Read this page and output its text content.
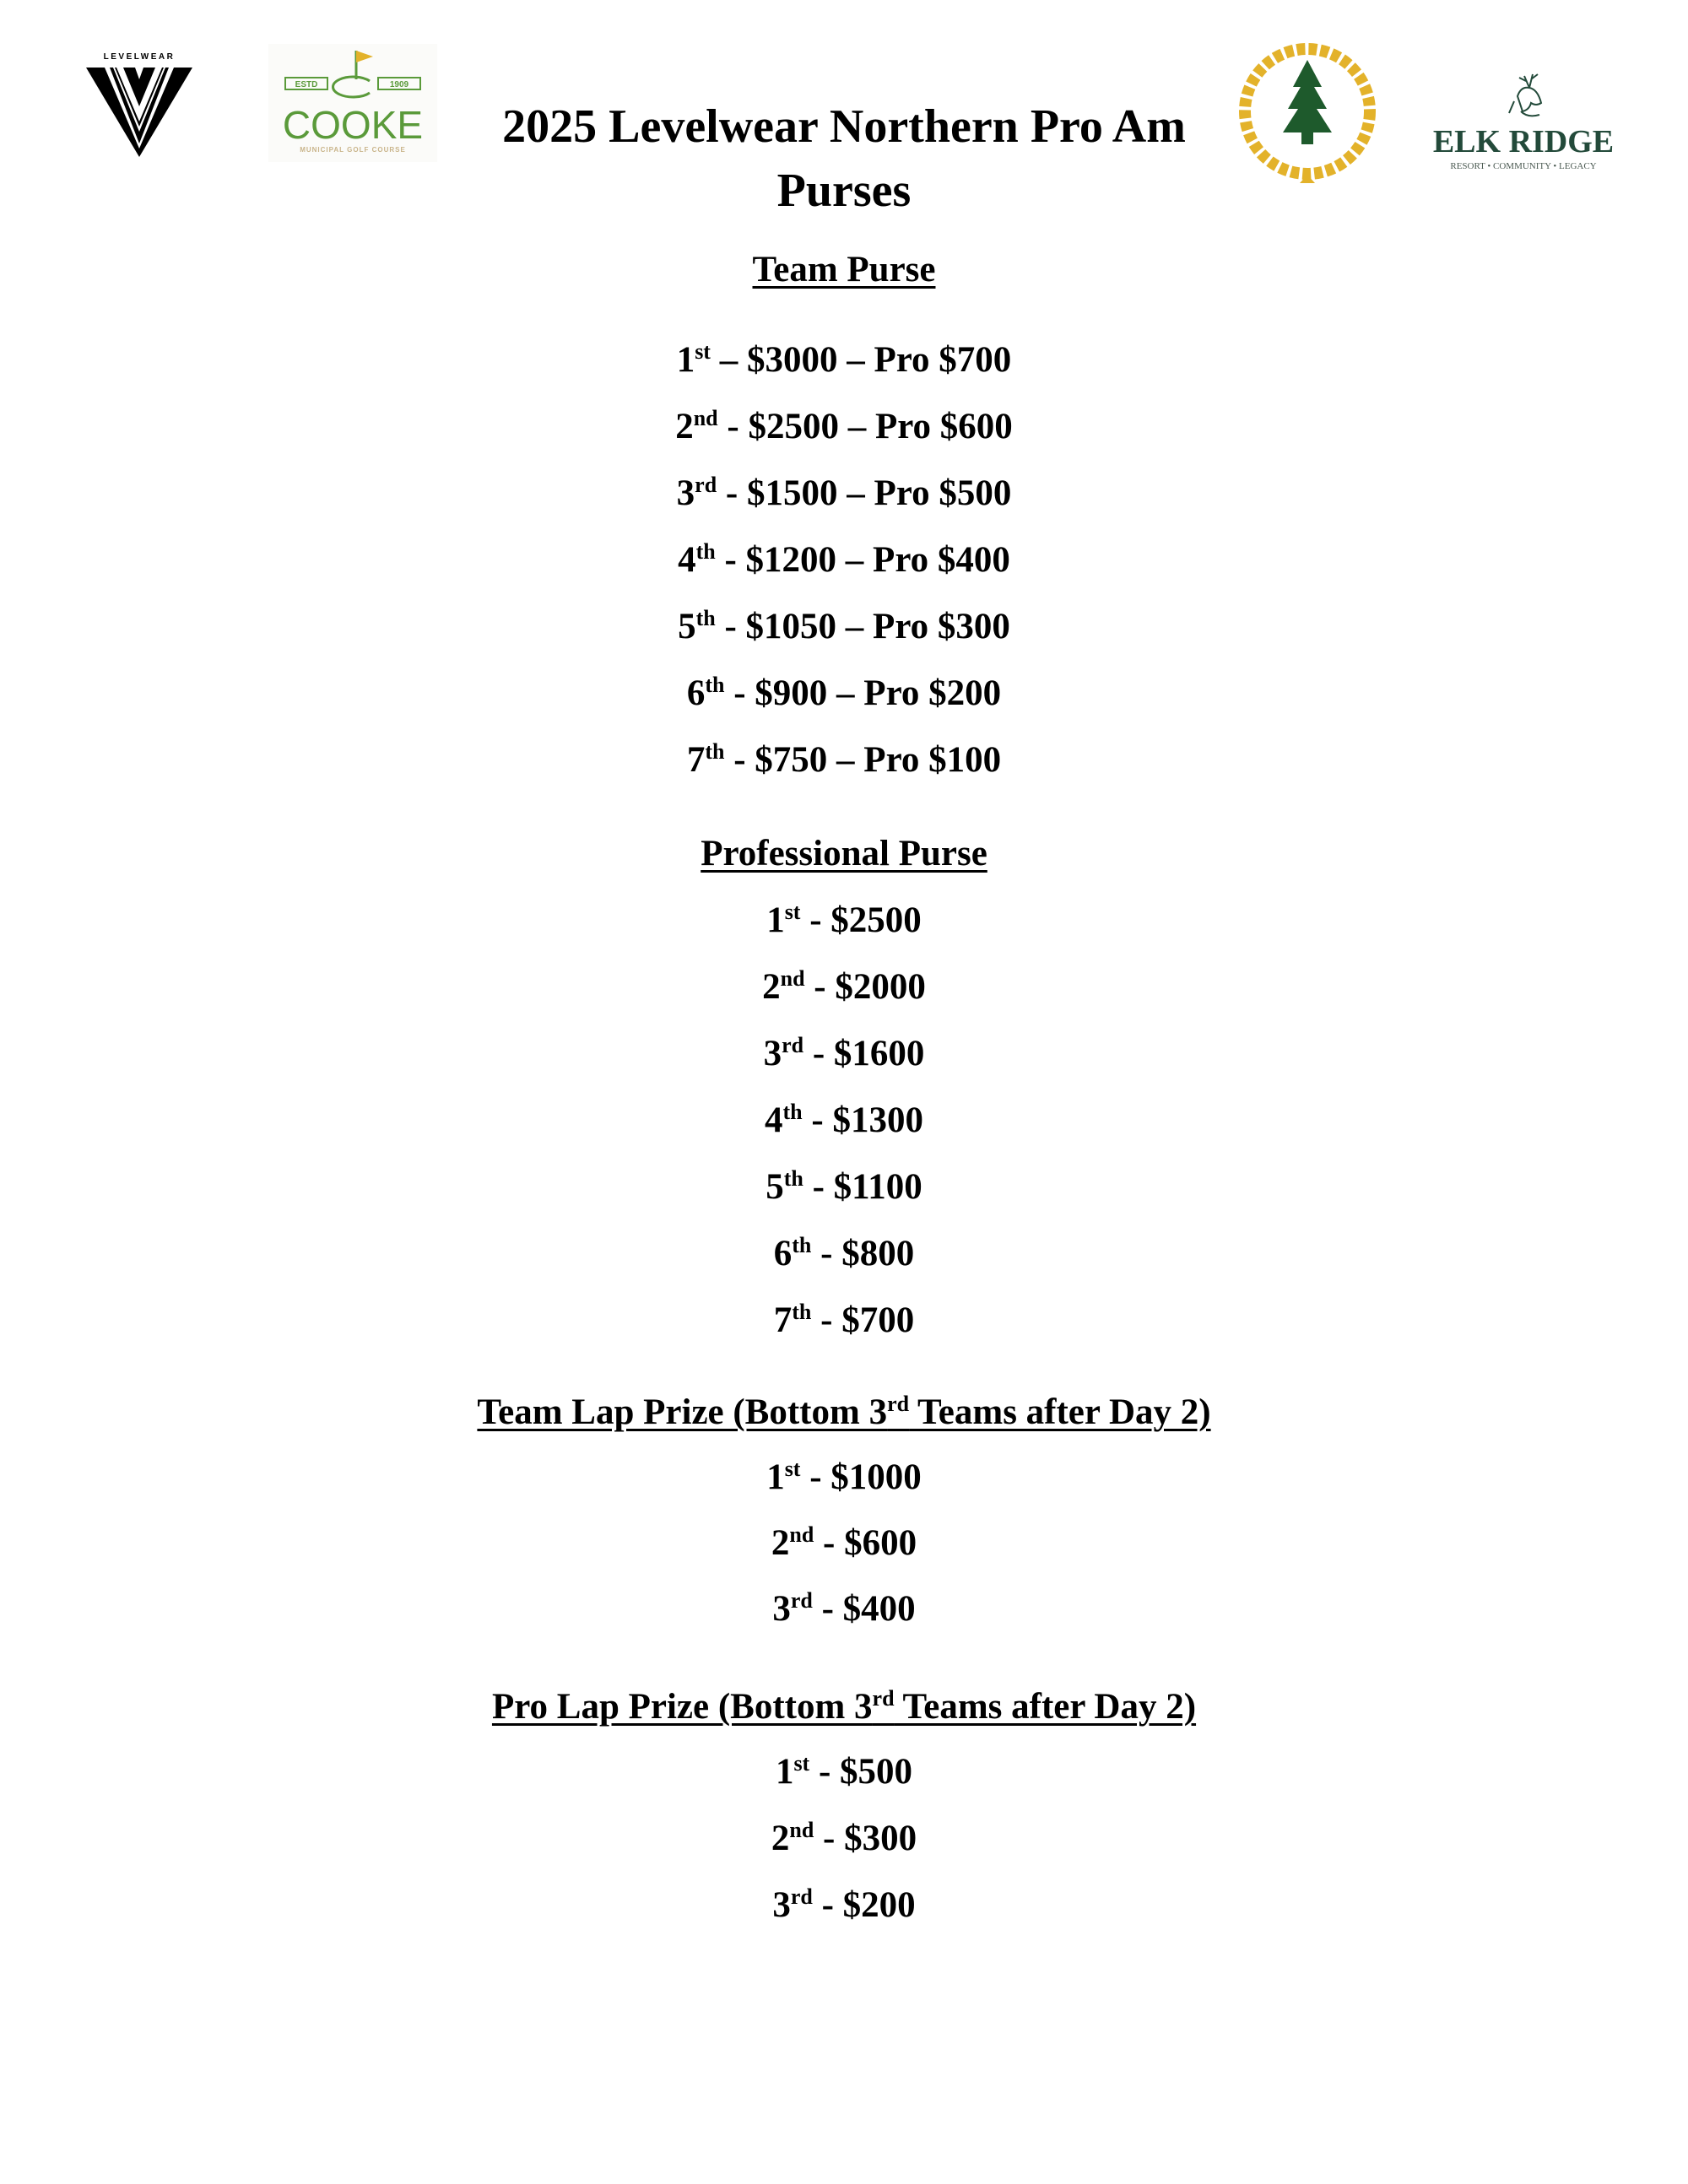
LEVELWEAR
ESTD	1909
COOKE
MUNICIPAL GOLF COURSE	ELK RIDGE
RESORT • COMMUNITY • LEGACY
2025 Levelwear Northern Pro Am
Purses

Team Purse

1st – $3000 – Pro $700

2nd - $2500 – Pro $600

3rd - $1500 – Pro $500

4th - $1200 – Pro $400

5th - $1050 – Pro $300

6th - $900 – Pro $200

7th - $750 – Pro $100

Professional Purse

1st - $2500

2nd - $2000

3rd - $1600

4th - $1300

5th - $1100

6th - $800

7th - $700

Team Lap Prize (Bottom 3rd Teams after Day 2)

1st - $1000

2nd - $600

3rd - $400

Pro Lap Prize (Bottom 3rd Teams after Day 2)

1st - $500

2nd - $300

3rd - $200
